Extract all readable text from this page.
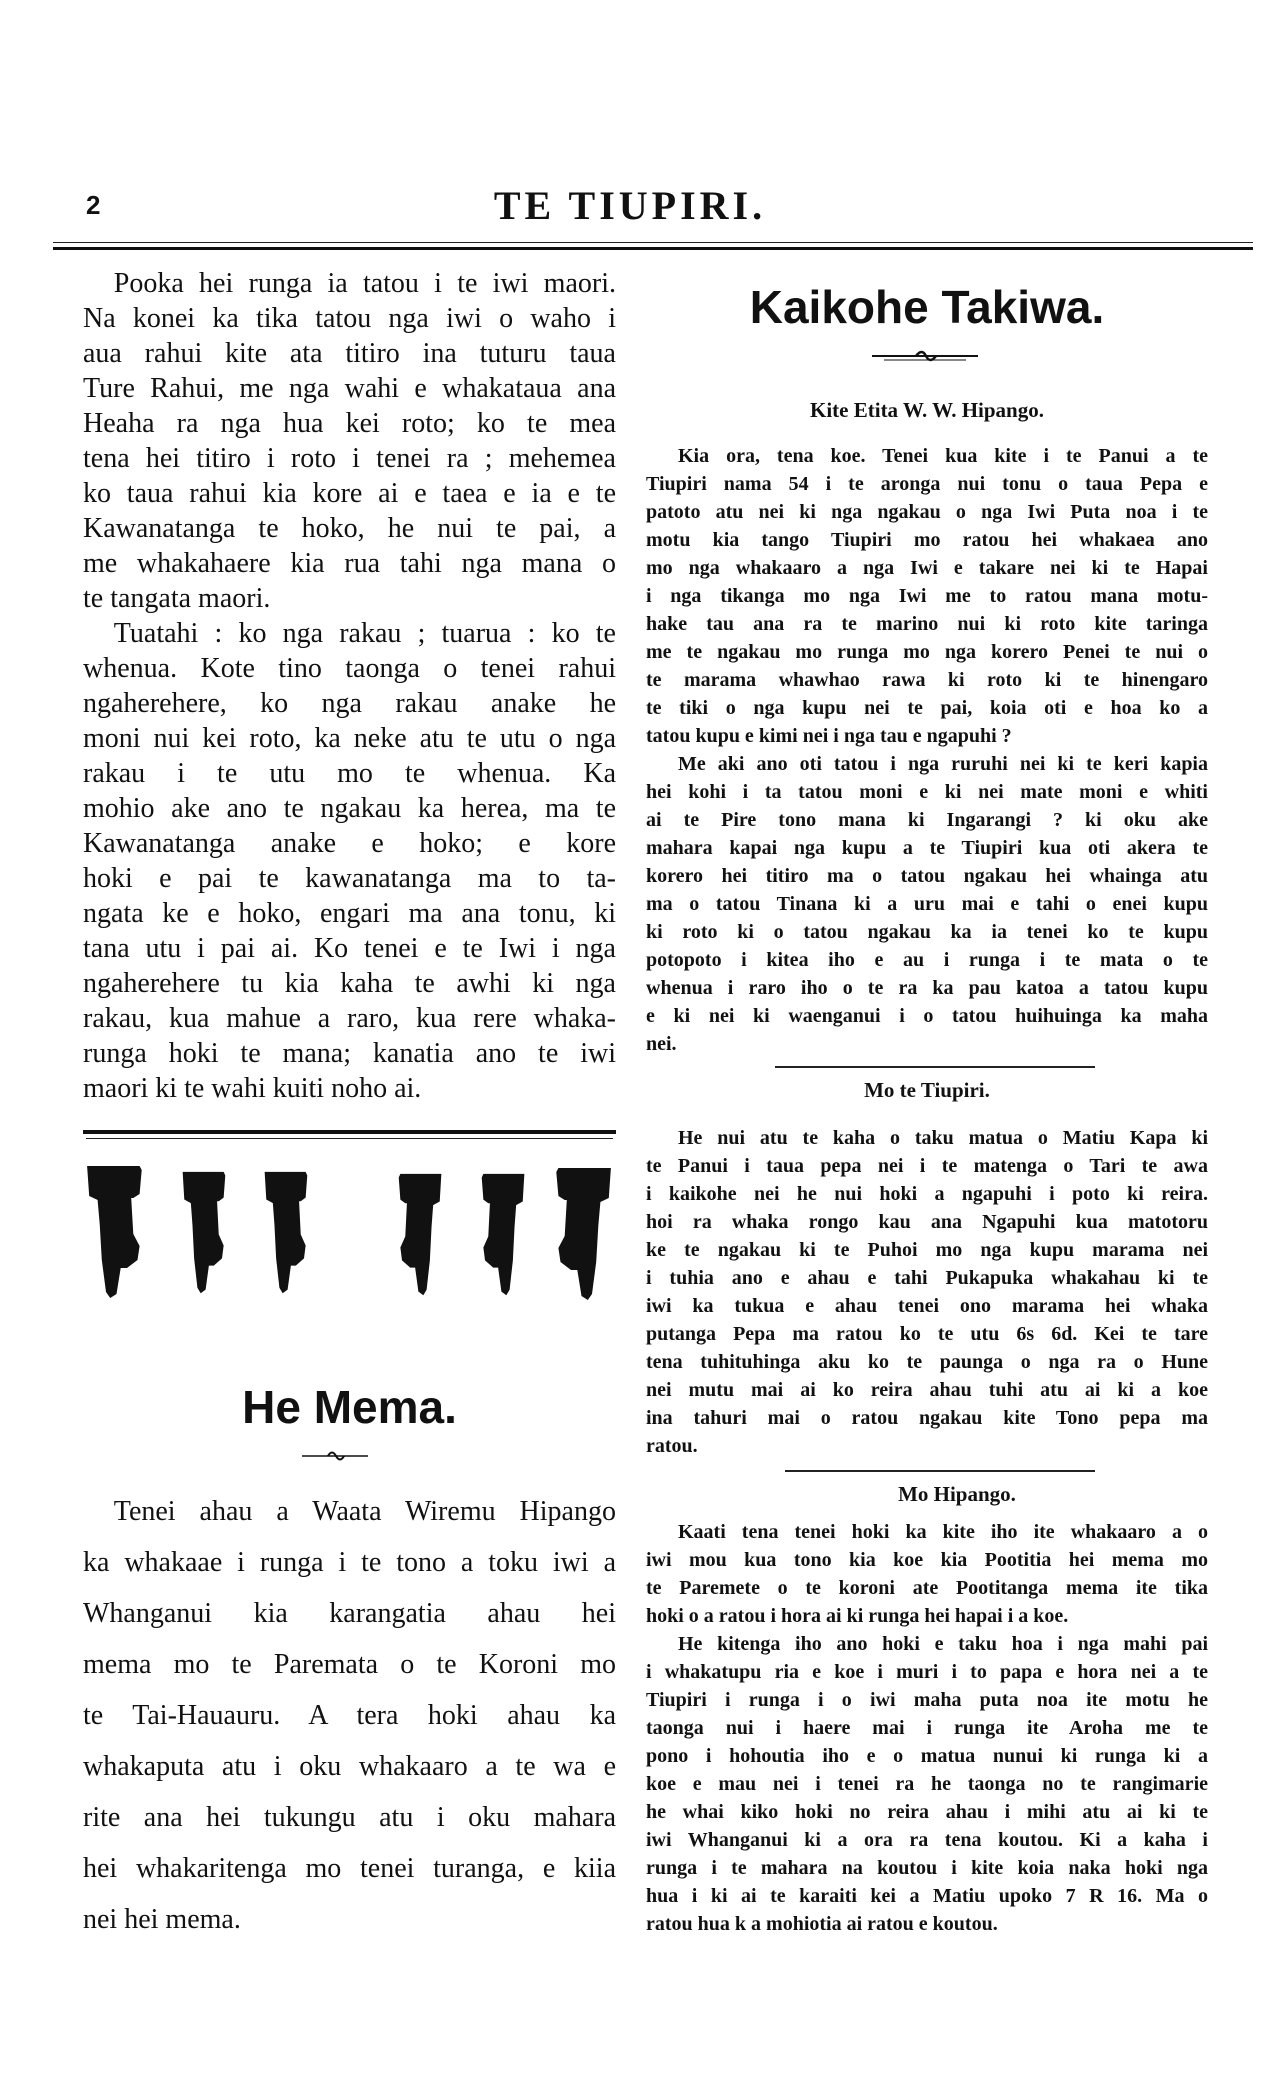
2	TE TIUPIRI.
Pooka hei runga ia tatou i te iwi maori.
Na konei ka tika tatou nga iwi o waho i
aua rahui kite ata titiro ina tuturu taua
Ture Rahui, me nga wahi e whakataua ana
Heaha ra nga hua kei roto; ko te mea
tena hei titiro i roto i tenei ra ; mehemea
ko taua rahui kia kore ai e taea e ia e te
Kawanatanga te hoko, he nui te pai, a
me whakahaere kia rua tahi nga mana o
te tangata maori.
Tuatahi : ko nga rakau ; tuarua : ko te
whenua. Kote tino taonga o tenei rahui
ngaherehere, ko nga rakau anake he
moni nui kei roto, ka neke atu te utu o nga
rakau i te utu mo te whenua. Ka
mohio ake ano te ngakau ka herea, ma te
Kawanatanga anake e hoko; e kore
hoki e pai te kawanatanga ma to ta-
ngata ke e hoko, engari ma ana tonu, ki
tana utu i pai ai. Ko tenei e te Iwi i nga
ngaherehere tu kia kaha te awhi ki nga
rakau, kua mahue a raro, kua rere whaka-
runga hoki te mana; kanatia ano te iwi
maori ki te wahi kuiti noho ai.
He Mema.
Tenei ahau a Waata Wiremu Hipango
ka whakaae i runga i te tono a toku iwi a
Whanganui kia karangatia ahau hei
mema mo te Paremata o te Koroni mo
te Tai-Hauauru. A tera hoki ahau ka
whakaputa atu i oku whakaaro a te wa e
rite ana hei tukungu atu i oku mahara
hei whakaritenga mo tenei turanga, e kiia
nei hei mema.
Kaikohe Takiwa.
Kite Etita W. W. Hipango.
Kia ora, tena koe. Tenei kua kite i te Panui a te
Tiupiri nama 54 i te aronga nui tonu o taua Pepa e
patoto atu nei ki nga ngakau o nga Iwi Puta noa i te
motu kia tango Tiupiri mo ratou hei whakaea ano
mo nga whakaaro a nga Iwi e takare nei ki te Hapai
i nga tikanga mo nga Iwi me to ratou mana motu-
hake tau ana ra te marino nui ki roto kite taringa
me te ngakau mo runga mo nga korero Penei te nui o
te marama whawhao rawa ki roto ki te hinengaro
te tiki o nga kupu nei te pai, koia oti e hoa ko a
tatou kupu e kimi nei i nga tau e ngapuhi ?
Me aki ano oti tatou i nga ruruhi nei ki te keri kapia
hei kohi i ta tatou moni e ki nei mate moni e whiti
ai te Pire tono mana ki Ingarangi ? ki oku ake
mahara kapai nga kupu a te Tiupiri kua oti akera te
korero hei titiro ma o tatou ngakau hei whainga atu
ma o tatou Tinana ki a uru mai e tahi o enei kupu
ki roto ki o tatou ngakau ka ia tenei ko te kupu
potopoto i kitea iho e au i runga i te mata o te
whenua i raro iho o te ra ka pau katoa a tatou kupu
e ki nei ki waenganui i o tatou huihuinga ka maha
nei.
Mo te Tiupiri.
He nui atu te kaha o taku matua o Matiu Kapa ki
te Panui i taua pepa nei i te matenga o Tari te awa
i kaikohe nei he nui hoki a ngapuhi i poto ki reira.
hoi ra whaka rongo kau ana Ngapuhi kua matotoru
ke te ngakau ki te Puhoi mo nga kupu marama nei
i tuhia ano e ahau e tahi Pukapuka whakahau ki te
iwi ka tukua e ahau tenei ono marama hei whaka
putanga Pepa ma ratou ko te utu 6s 6d. Kei te tare
tena tuhituhinga aku ko te paunga o nga ra o Hune
nei mutu mai ai ko reira ahau tuhi atu ai ki a koe
ina tahuri mai o ratou ngakau kite Tono pepa ma
ratou.
Mo Hipango.
Kaati tena tenei hoki ka kite iho ite whakaaro a o
iwi mou kua tono kia koe kia Pootitia hei mema mo
te Paremete o te koroni ate Pootitanga mema ite tika
hoki o a ratou i hora ai ki runga hei hapai i a koe.
He kitenga iho ano hoki e taku hoa i nga mahi pai
i whakatupu ria e koe i muri i to papa e hora nei a te
Tiupiri i runga i o iwi maha puta noa ite motu he
taonga nui i haere mai i runga ite Aroha me te
pono i hohoutia iho e o matua nunui ki runga ki a
koe e mau nei i tenei ra he taonga no te rangimarie
he whai kiko hoki no reira ahau i mihi atu ai ki te
iwi Whanganui ki a ora ra tena koutou. Ki a kaha i
runga i te mahara na koutou i kite koia naka hoki nga
hua i ki ai te karaiti kei a Matiu upoko 7 R 16. Ma o
ratou hua k a mohiotia ai ratou e koutou.
